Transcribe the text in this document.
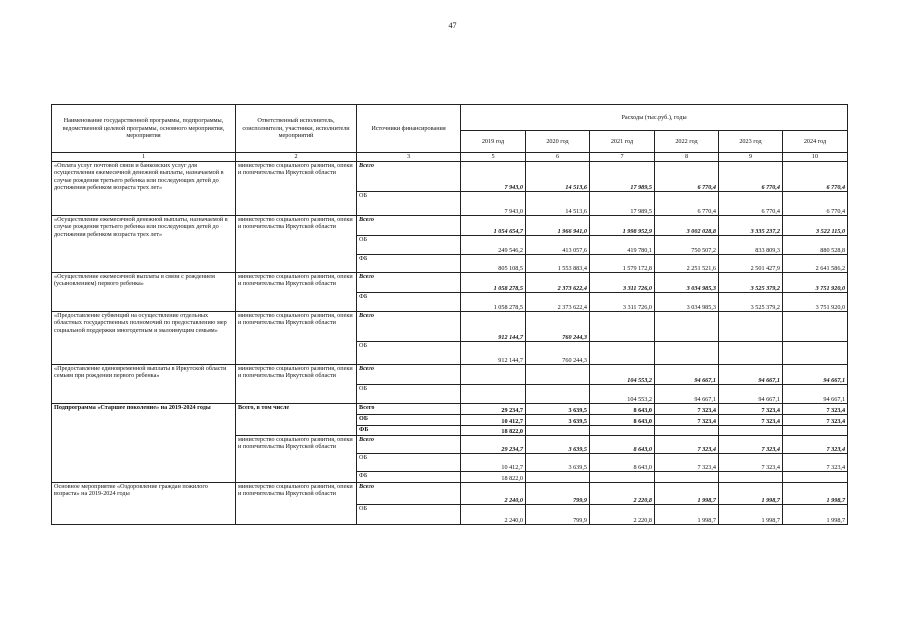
47
Наименование государственной программы, подпрограммы, ведомственной целевой программы, основного мероприятия, мероприятия	Ответственный исполнитель, соисполнители, участники, исполнители мероприятий	Источники финансирования	Расходы (тыс.руб.), годы					
			2019 год	2020 год	2021 год	2022 год	2023 год	2024 год
1	2	3	5	6	7	8	9	10
«Оплата услуг почтовой связи и банковских услуг для осуществления ежемесячной денежной выплаты, назначаемой в случае рождения третьего ребенка или последующих детей до достижения ребенком возраста трех лет»	министерство социального развития, опеки и попечительства Иркутской области	Всего	7 943,0	14 513,6	17 989,5	6 770,4	6 770,4	6 770,4
		ОБ	7 943,0	14 513,6	17 989,5	6 770,4	6 770,4	6 770,4
«Осуществление ежемесячной денежной выплаты, назначаемой в случае рождения третьего ребенка или последующих детей до достижения ребенком возраста трех лет»	министерство социального развития, опеки и попечительства Иркутской области	Всего	1 054 654,7	1 966 941,0	1 998 952,9	3 002 028,8	3 335 237,2	3 522 115,0
		ОБ	249 546,2	413 057,6	419 780,1	750 507,2	833 809,3	880 528,8
		ФБ	805 108,5	1 553 883,4	1 579 172,8	2 251 521,6	2 501 427,9	2 641 586,2
«Осуществление ежемесячной выплаты в связи с рождением (усыновлением) первого ребенка»	министерство социального развития, опеки и попечительства Иркутской области	Всего	1 058 278,5	2 373 622,4	3 311 726,0	3 034 985,3	3 525 379,2	3 751 920,0
		ФБ	1 058 278,5	2 373 622,4	3 311 726,0	3 034 985,3	3 525 379,2	3 751 920,0
«Предоставление субвенций на осуществление отдельных областных государственных полномочий по предоставлению мер социальной поддержки многодетным и малоимущим семьям»	министерство социального развития, опеки и попечительства Иркутской области	Всего	912 144,7	760 244,3				
		ОБ	912 144,7	760 244,3				
«Предоставление единовременной выплаты в Иркутской области семьям при рождении первого ребенка»	министерство социального развития, опеки и попечительства Иркутской области	Всего			104 553,2	94 667,1	94 667,1	94 667,1
		ОБ			104 553,2	94 667,1	94 667,1	94 667,1
Подпрограмма «Старшее поколение» на 2019-2024 годы	Всего, в том числе	Всего	29 234,7	3 639,5	8 643,0	7 323,4	7 323,4	7 323,4
		ОБ	10 412,7	3 639,5	8 643,0	7 323,4	7 323,4	7 323,4
		ФБ	18 822,0					
	министерство социального развития, опеки и попечительства Иркутской области	Всего	29 234,7	3 639,5	8 643,0	7 323,4	7 323,4	7 323,4
		ОБ	10 412,7	3 639,5	8 643,0	7 323,4	7 323,4	7 323,4
		ФБ	18 822,0					
Основное мероприятие «Оздоровление граждан пожилого возраста» на 2019-2024 годы	министерство социального развития, опеки и попечительства Иркутской области	Всего	2 240,0	799,9	2 220,8	1 998,7	1 998,7	1 998,7
		ОБ	2 240,0	799,9	2 220,8	1 998,7	1 998,7	1 998,7
